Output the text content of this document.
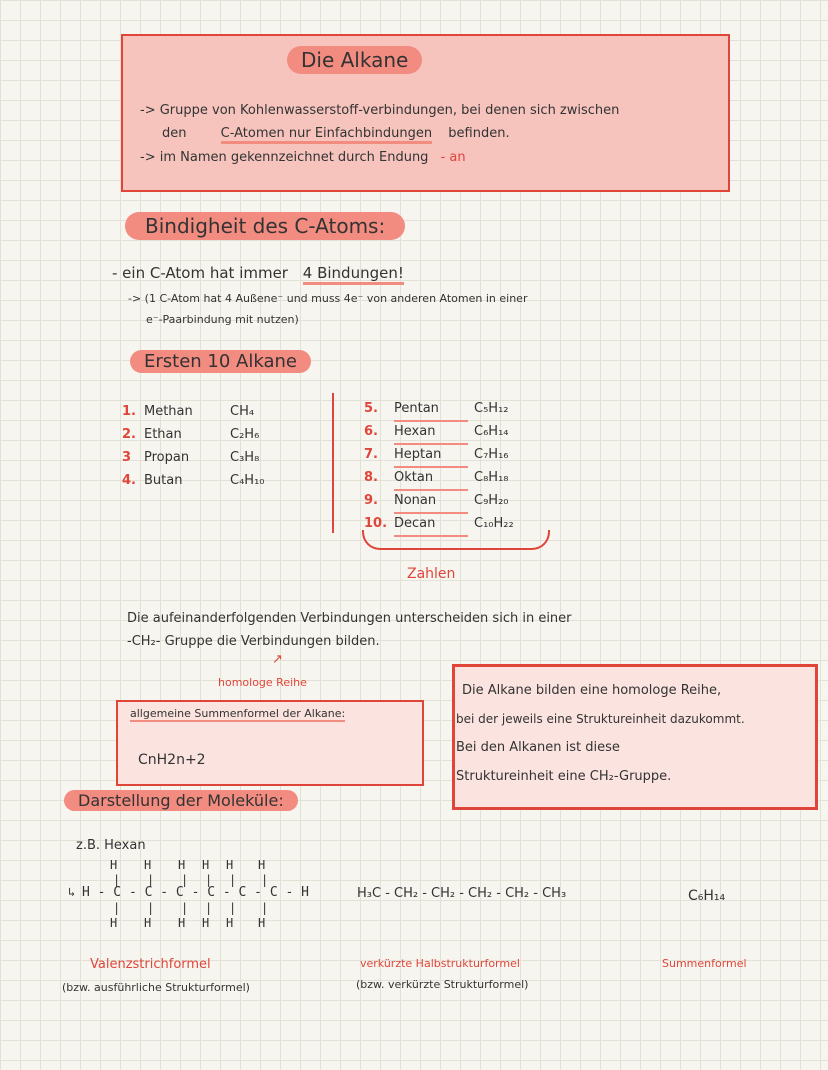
Die Alkane
-> Gruppe von Kohlenwasserstoff-verbindungen, bei denen sich zwischen
den	C-Atomen nur Einfachbindungen befinden.
-> im Namen gekennzeichnet durch Endung - an
Bindigheit des C-Atoms:
- ein C-Atom hat immer 4 Bindungen!
-> (1 C-Atom hat 4 Außene⁻ und muss 4e⁻ von anderen Atomen in einer
e⁻-Paarbindung mit nutzen)
Ersten 10 Alkane
1. Methan	CH₄
2. Ethan	C₂H₆
3 Propan	C₃H₈
4. Butan	C₄H₁₀
5. Pentan	C₅H₁₂
6. Hexan	C₆H₁₄
7. Heptan	C₇H₁₆
8. Oktan	C₈H₁₈
9. Nonan	C₉H₂₀
10. Decan	C₁₀H₂₂
Zahlen
Die aufeinanderfolgenden Verbindungen unterscheiden sich in einer
-CH₂- Gruppe die Verbindungen bilden.
↗
homologe Reihe
allgemeine Summenformel der Alkane:
CnH2n+2
Die Alkane bilden eine homologe Reihe,
bei der jeweils eine Struktureinheit dazukommt.
Bei den Alkanen ist diese
Struktureinheit eine CH₂-Gruppe.
Darstellung der Moleküle:
z.B. Hexan
H H H H H H
| | | | | |
↳ H - C - C - C - C - C - C - H
| | | | | |
H H H H H H
H₃C - CH₂ - CH₂ - CH₂ - CH₂ - CH₃	C₆H₁₄
Valenzstrichformel
(bzw. ausführliche Strukturformel)
verkürzte Halbstrukturformel
(bzw. verkürzte Strukturformel)
Summenformel
